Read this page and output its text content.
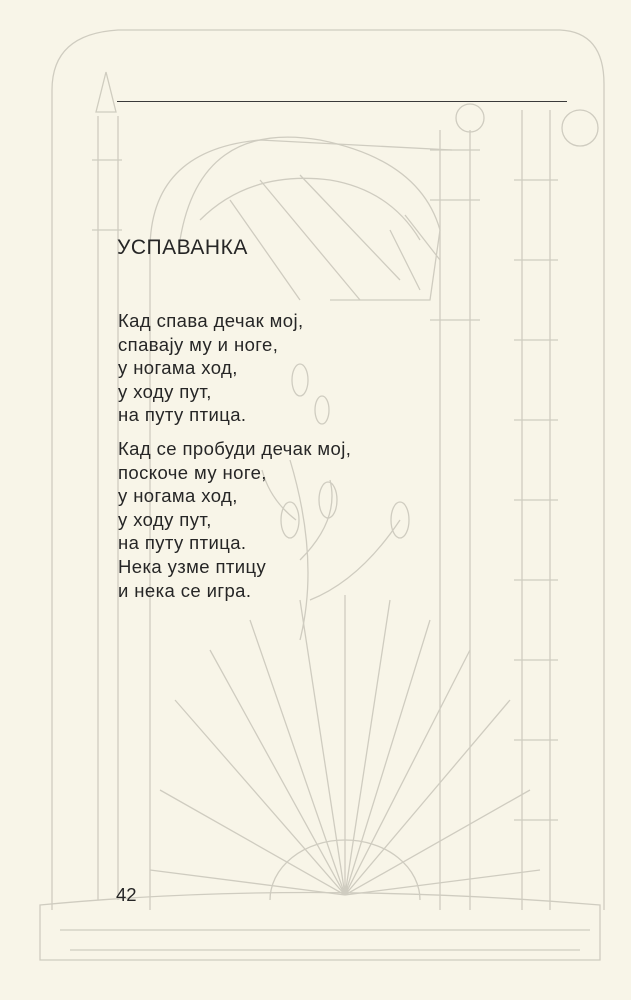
УСПАВАНКА
Кад спава дечак мој,
спавају му и ноге,
у ногама ход,
у ходу пут,
на путу птица.
Кад се пробуди дечак мој,
поскоче му ноге,
у ногама ход,
у ходу пут,
на путу птица.
Нека узме птицу
и нека се игра.
42
